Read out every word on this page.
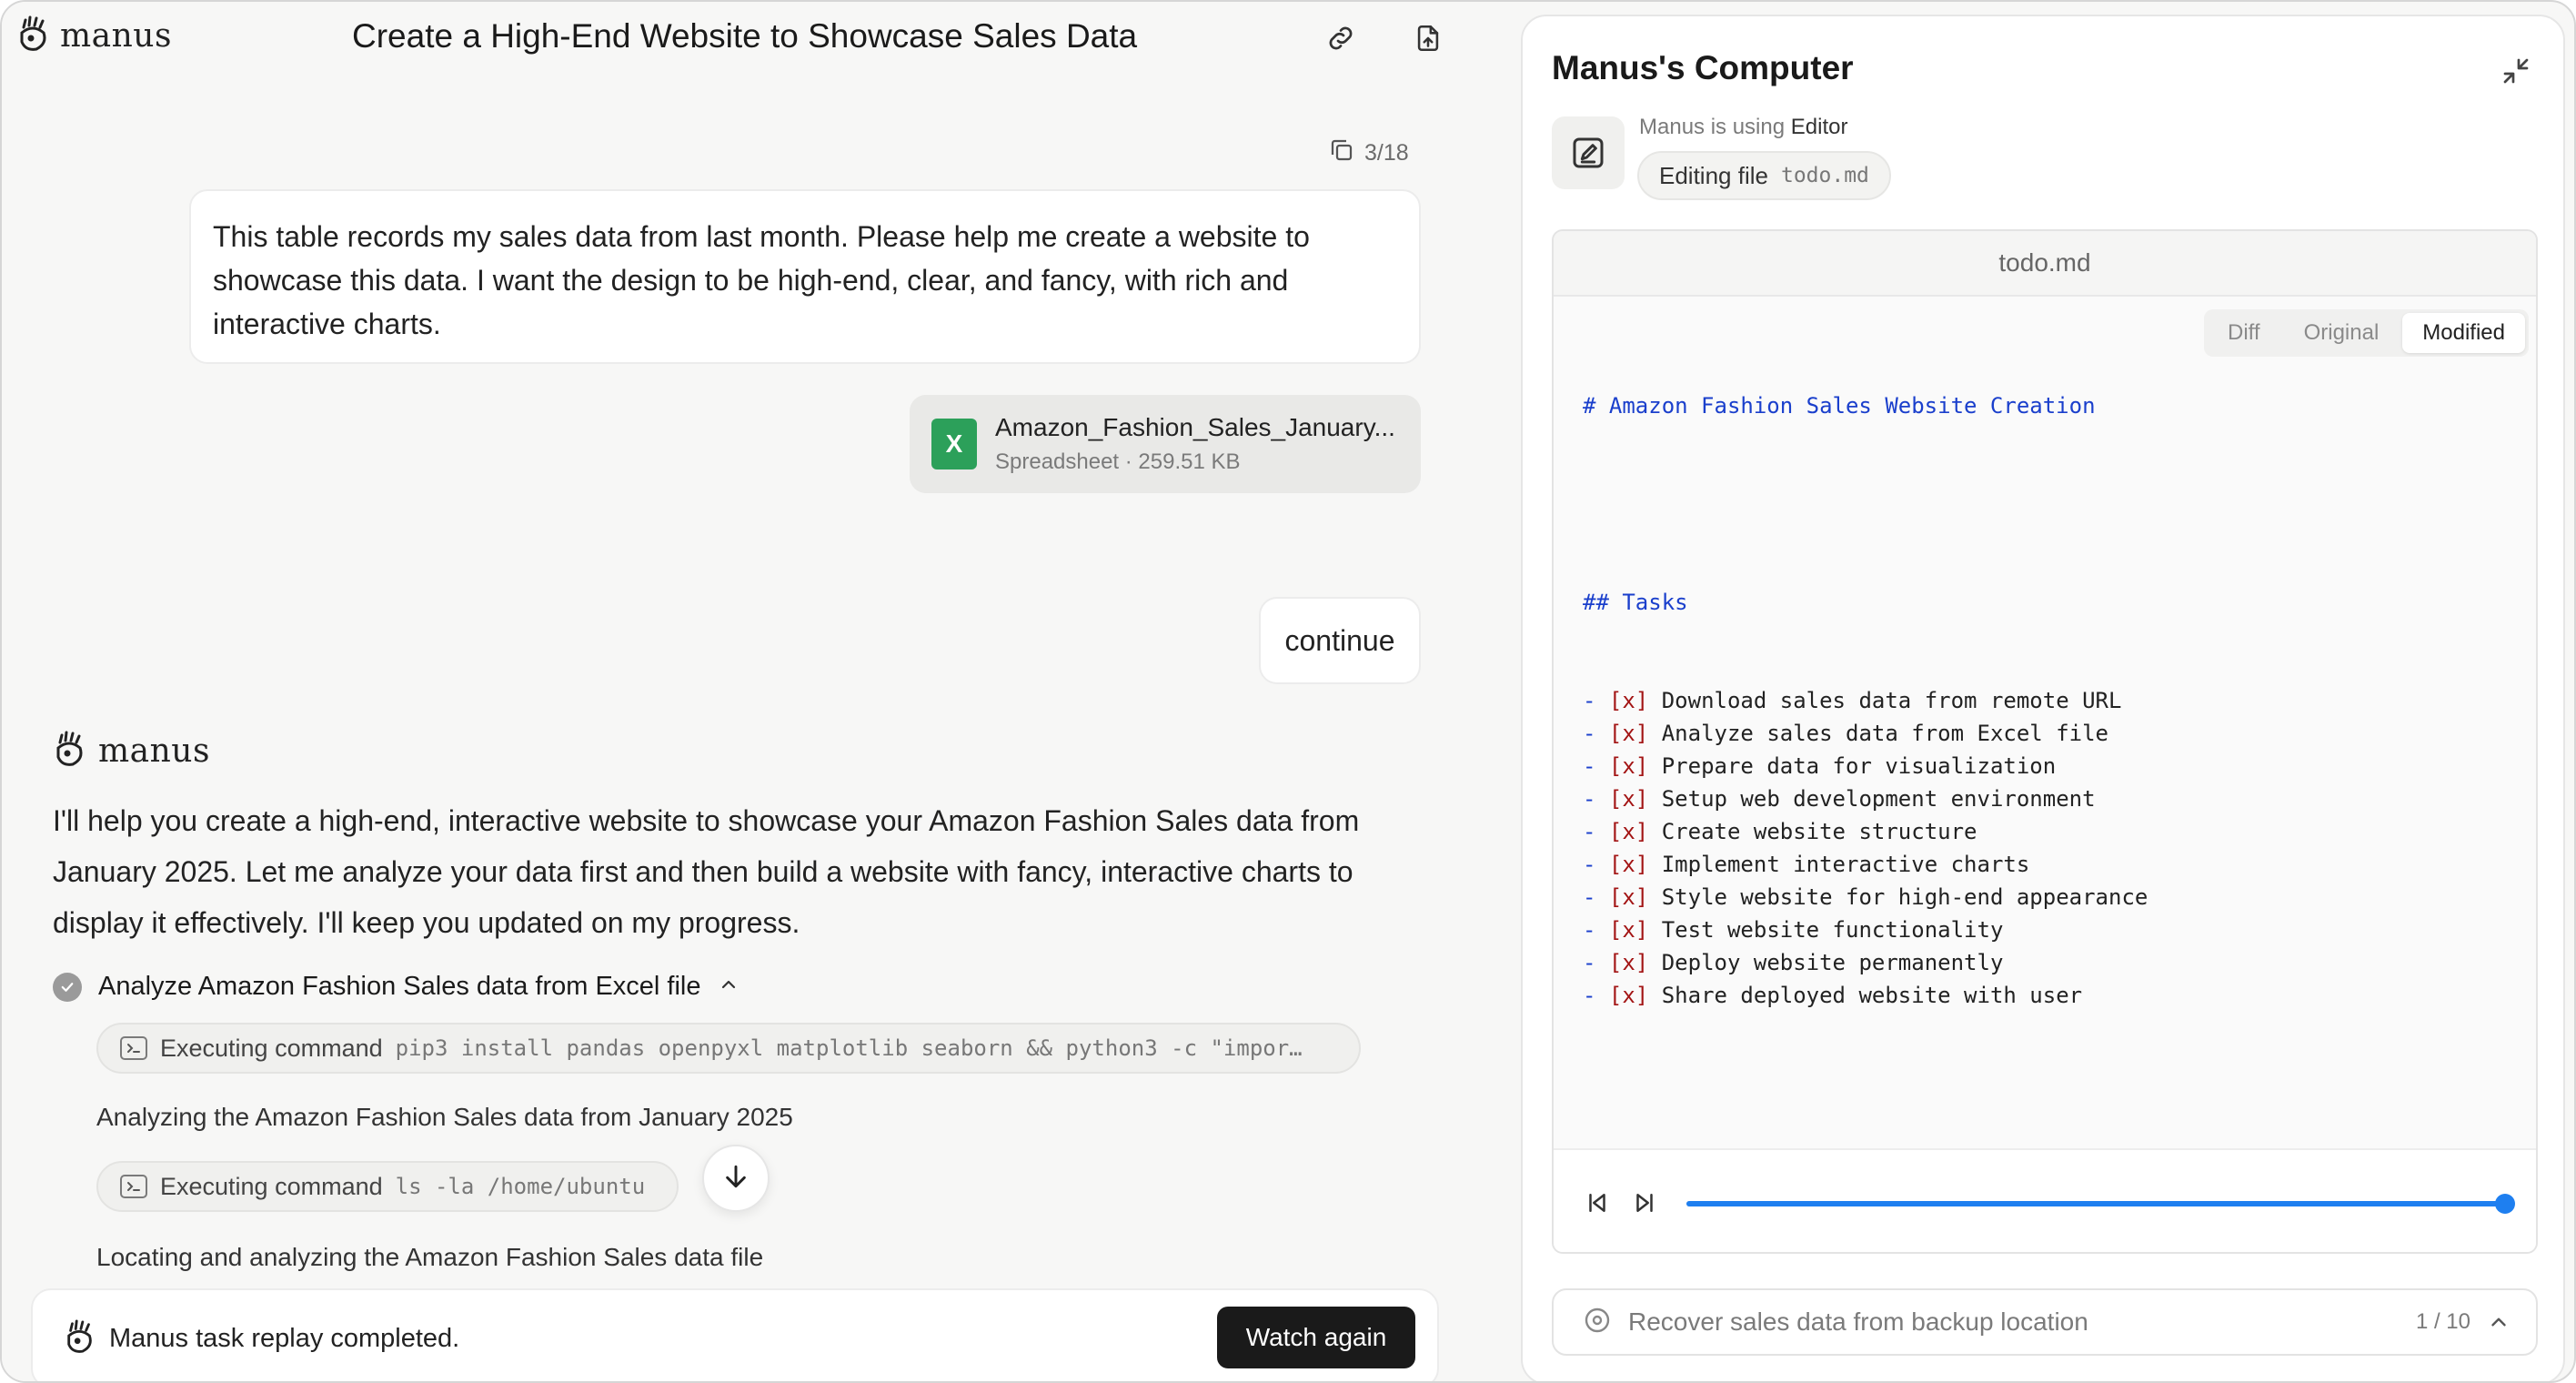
manus	Create a High-End Website to Showcase Sales Data
3/18
This table records my sales data from last month. Please help me create a website to showcase this data. I want the design to be high-end, clear, and fancy, with rich and interactive charts.
X
Amazon_Fashion_Sales_January...
Spreadsheet · 259.51 KB
continue
manus
I'll help you create a high-end, interactive website to showcase your Amazon Fashion Sales data from January 2025. Let me analyze your data first and then build a website with fancy, interactive charts to display it effectively. I'll keep you updated on my progress.
Analyze Amazon Fashion Sales data from Excel file
Executing command pip3 install pandas openpyxl matplotlib seaborn && python3 -c "impor…
Analyzing the Amazon Fashion Sales data from January 2025
Executing command ls -la /home/ubuntu
Locating and analyzing the Amazon Fashion Sales data file
Manus task replay completed.	Watch again
Manus's Computer
Manus is using Editor
Editing file todo.md
todo.md
Diff	Original	Modified

# Amazon Fashion Sales Website Creation

## Tasks

- [x] Download sales data from remote URL
- [x] Analyze sales data from Excel file
- [x] Prepare data for visualization
- [x] Setup web development environment
- [x] Create website structure
- [x] Implement interactive charts
- [x] Style website for high-end appearance
- [x] Test website functionality
- [x] Deploy website permanently
- [x] Share deployed website with user

Recover sales data from backup location	1 / 10
